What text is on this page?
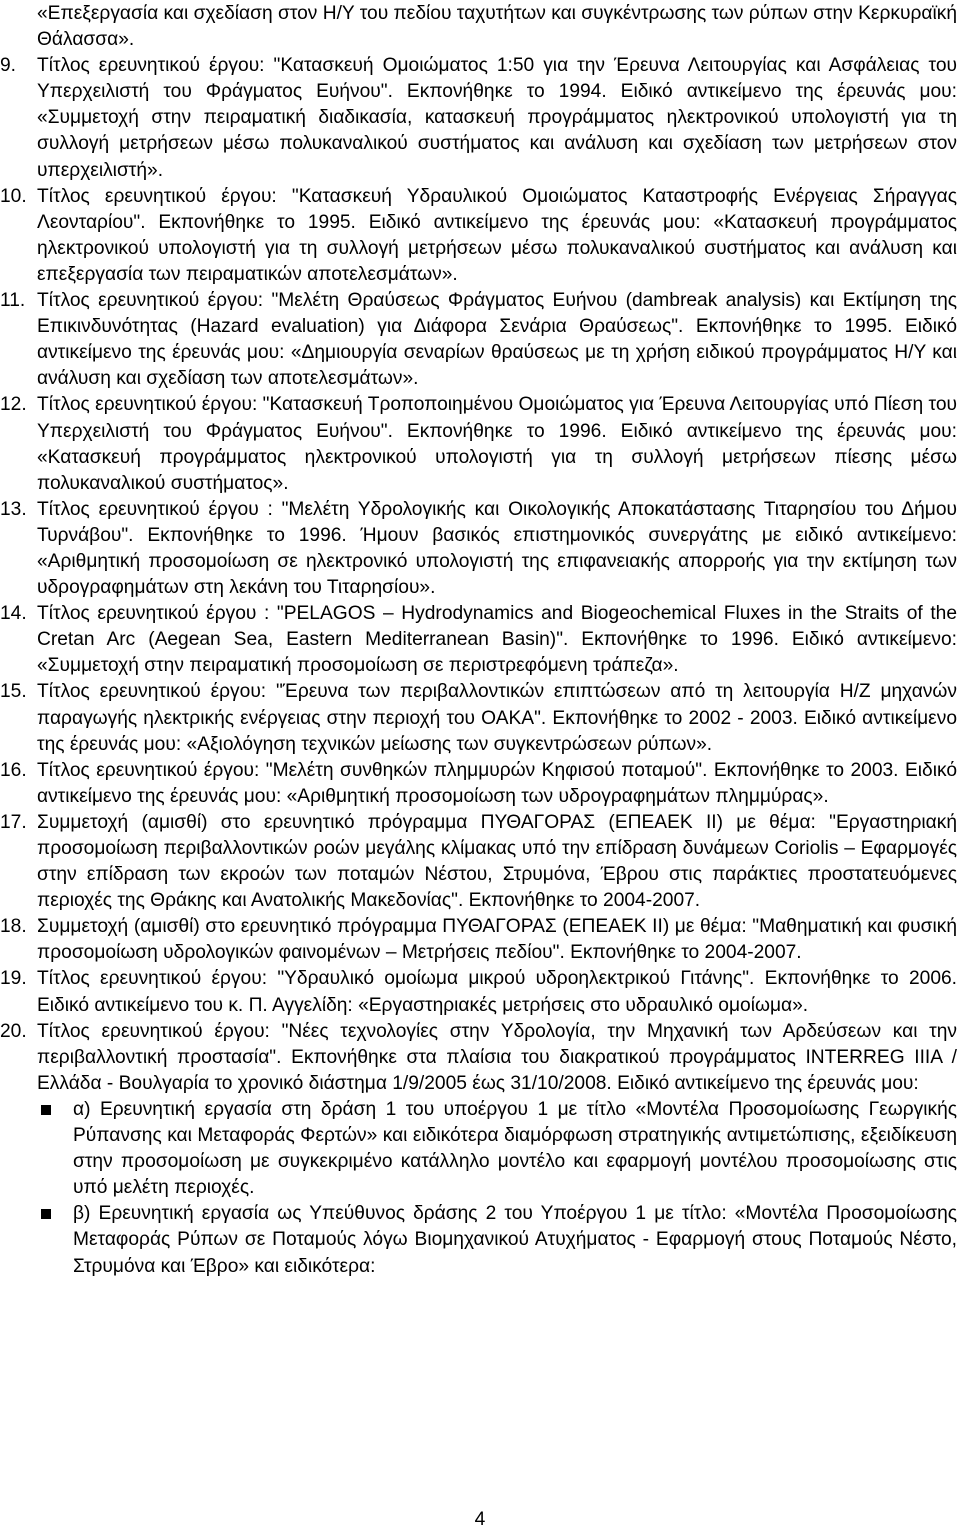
«Επεξεργασία και σχεδίαση στον Η/Υ του πεδίου ταχυτήτων και συγκέντρωσης των ρύπων στην Κερκυραϊκή Θάλασσα».

9.	Τίτλος ερευνητικού έργου: "Κατασκευή Ομοιώματος 1:50 για την Έρευνα Λειτουργίας και Ασφάλειας του Υπερχειλιστή του Φράγματος Ευήνου". Εκπονήθηκε το 1994. Ειδικό αντικείμενο της έρευνάς μου: «Συμμετοχή στην πειραματική διαδικασία, κατασκευή προγράμματος ηλεκτρονικού υπολογιστή για τη συλλογή μετρήσεων μέσω πολυκαναλικού συστήματος και ανάλυση και σχεδίαση των μετρήσεων στον υπερχειλιστή».
10. Τίτλος ερευνητικού έργου: "Κατασκευή Υδραυλικού Ομοιώματος Καταστροφής Ενέργειας Σήραγγας Λεονταρίου". Εκπονήθηκε το 1995. Ειδικό αντικείμενο της έρευνάς μου: «Κατασκευή προγράμματος ηλεκτρονικού υπολογιστή για τη συλλογή μετρήσεων μέσω πολυκαναλικού συστήματος και ανάλυση και επεξεργασία των πειραματικών αποτελεσμάτων».
11. Τίτλος ερευνητικού έργου: "Μελέτη Θραύσεως Φράγματος Ευήνου (dambreak analysis) και Εκτίμηση της Επικινδυνότητας (Hazard evaluation) για Διάφορα Σενάρια Θραύσεως". Εκπονήθηκε το 1995. Ειδικό αντικείμενο της έρευνάς μου: «Δημιουργία σεναρίων θραύσεως με τη χρήση ειδικού προγράμματος Η/Υ και ανάλυση και σχεδίαση των αποτελεσμάτων».
12. Τίτλος ερευνητικού έργου: "Κατασκευή Τροποποιημένου Ομοιώματος για Έρευνα Λειτουργίας υπό Πίεση του Υπερχειλιστή του Φράγματος Ευήνου". Εκπονήθηκε το 1996. Ειδικό αντικείμενο της έρευνάς μου: «Κατασκευή προγράμματος ηλεκτρονικού υπολογιστή για τη συλλογή μετρήσεων πίεσης μέσω πολυκαναλικού συστήματος».
13. Τίτλος ερευνητικού έργου : "Μελέτη Υδρολογικής και Οικολογικής Αποκατάστασης Τιταρησίου του Δήμου Τυρνάβου". Εκπονήθηκε το 1996. Ήμουν βασικός επιστημονικός συνεργάτης με ειδικό αντικείμενο: «Αριθμητική προσομοίωση σε ηλεκτρονικό υπολογιστή της επιφανειακής απορροής για την εκτίμηση των υδρογραφημάτων στη λεκάνη του Τιταρησίου».
14. Τίτλος ερευνητικού έργου : "PELAGOS – Hydrodynamics and Biogeochemical Fluxes in the Straits of the Cretan Arc (Aegean Sea, Eastern Mediterranean Basin)". Εκπονήθηκε το 1996. Ειδικό αντικείμενο: «Συμμετοχή στην πειραματική προσομοίωση σε περιστρεφόμενη τράπεζα».
15. Τίτλος ερευνητικού έργου: "Έρευνα των περιβαλλοντικών επιπτώσεων από τη λειτουργία Η/Ζ μηχανών παραγωγής ηλεκτρικής ενέργειας στην περιοχή του ΟΑΚΑ". Εκπονήθηκε το 2002 - 2003. Ειδικό αντικείμενο της έρευνάς μου: «Αξιολόγηση τεχνικών μείωσης των συγκεντρώσεων ρύπων».
16. Τίτλος ερευνητικού έργου: "Μελέτη συνθηκών πλημμυρών Κηφισού ποταμού". Εκπονήθηκε το 2003. Ειδικό αντικείμενο της έρευνάς μου: «Αριθμητική προσομοίωση των υδρογραφημάτων πλημμύρας».
17. Συμμετοχή (αμισθί) στο ερευνητικό πρόγραμμα ΠΥΘΑΓΟΡΑΣ (ΕΠΕΑΕΚ ΙΙ) με θέμα: "Εργαστηριακή προσομοίωση περιβαλλοντικών ροών μεγάλης κλίμακας υπό την επίδραση δυνάμεων Coriolis – Εφαρμογές στην επίδραση των εκροών των ποταμών Νέστου, Στρυμόνα, Έβρου στις παράκτιες προστατευόμενες περιοχές της Θράκης και Ανατολικής Μακεδονίας". Εκπονήθηκε το 2004-2007.
18. Συμμετοχή (αμισθί) στο ερευνητικό πρόγραμμα ΠΥΘΑΓΟΡΑΣ (ΕΠΕΑΕΚ ΙΙ) με θέμα: "Μαθηματική και φυσική προσομοίωση υδρολογικών φαινομένων – Μετρήσεις πεδίου". Εκπονήθηκε το 2004-2007.
19. Τίτλος ερευνητικού έργου: "Υδραυλικό ομοίωμα μικρού υδροηλεκτρικού Γιτάνης". Εκπονήθηκε το 2006. Ειδικό αντικείμενο του κ. Π. Αγγελίδη: «Εργαστηριακές μετρήσεις στο υδραυλικό ομοίωμα».
20. Τίτλος ερευνητικού έργου: "Νέες τεχνολογίες στην Υδρολογία, την Μηχανική των Αρδεύσεων και την περιβαλλοντική προστασία". Εκπονήθηκε στα πλαίσια του διακρατικού προγράμματος INTERREG IIIA / Ελλάδα - Βουλγαρία το χρονικό διάστημα 1/9/2005 έως 31/10/2008. Ειδικό αντικείμενο της έρευνάς μου:
α) Ερευνητική εργασία στη δράση 1 του υποέργου 1 με τίτλο «Μοντέλα Προσομοίωσης Γεωργικής Ρύπανσης και Μεταφοράς Φερτών» και ειδικότερα διαμόρφωση στρατηγικής αντιμετώπισης, εξειδίκευση στην προσομοίωση με συγκεκριμένο κατάλληλο μοντέλο και εφαρμογή μοντέλου προσομοίωσης στις υπό μελέτη περιοχές.
β) Ερευνητική εργασία ως Υπεύθυνος δράσης 2 του Υποέργου 1 με τίτλο: «Μοντέλα Προσομοίωσης Μεταφοράς Ρύπων σε Ποταμούς λόγω Βιομηχανικού Ατυχήματος - Εφαρμογή στους Ποταμούς Νέστο, Στρυμόνα και Έβρο» και ειδικότερα:
4
